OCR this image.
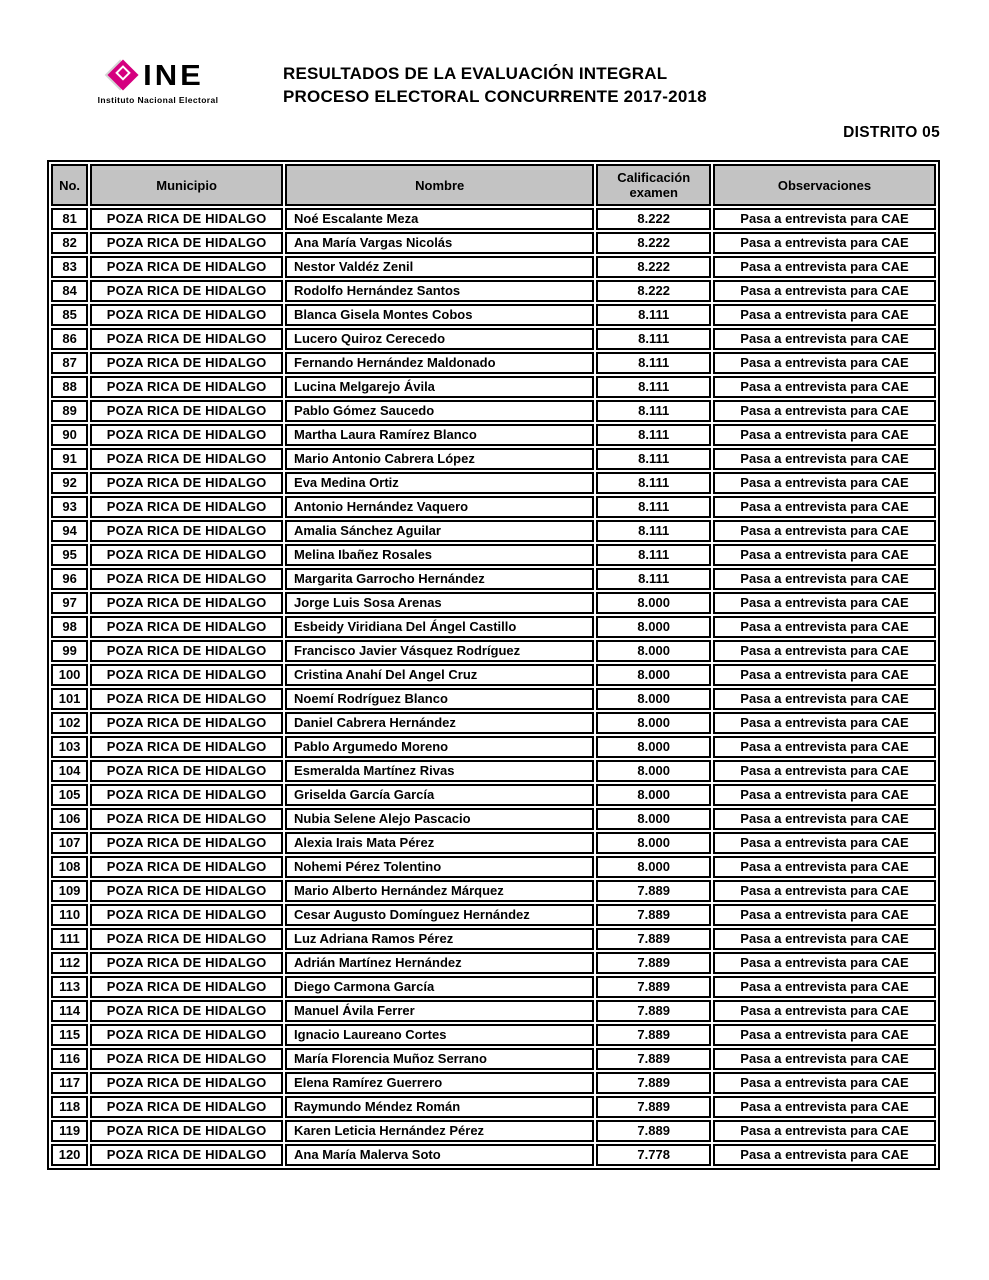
INE
Instituto Nacional Electoral
RESULTADOS DE LA EVALUACIÓN INTEGRAL
PROCESO ELECTORAL CONCURRENTE 2017-2018
DISTRITO 05
No.	Municipio	Nombre	Calificación examen	Observaciones
81	POZA RICA DE HIDALGO	Noé Escalante Meza	8.222	Pasa a entrevista para CAE
82	POZA RICA DE HIDALGO	Ana María Vargas Nicolás	8.222	Pasa a entrevista para CAE
83	POZA RICA DE HIDALGO	Nestor Valdéz Zenil	8.222	Pasa a entrevista para CAE
84	POZA RICA DE HIDALGO	Rodolfo Hernández Santos	8.222	Pasa a entrevista para CAE
85	POZA RICA DE HIDALGO	Blanca Gisela Montes Cobos	8.111	Pasa a entrevista para CAE
86	POZA RICA DE HIDALGO	Lucero Quiroz Cerecedo	8.111	Pasa a entrevista para CAE
87	POZA RICA DE HIDALGO	Fernando Hernández Maldonado	8.111	Pasa a entrevista para CAE
88	POZA RICA DE HIDALGO	Lucina Melgarejo Ávila	8.111	Pasa a entrevista para CAE
89	POZA RICA DE HIDALGO	Pablo Gómez Saucedo	8.111	Pasa a entrevista para CAE
90	POZA RICA DE HIDALGO	Martha Laura Ramírez Blanco	8.111	Pasa a entrevista para CAE
91	POZA RICA DE HIDALGO	Mario Antonio Cabrera López	8.111	Pasa a entrevista para CAE
92	POZA RICA DE HIDALGO	Eva Medina Ortiz	8.111	Pasa a entrevista para CAE
93	POZA RICA DE HIDALGO	Antonio Hernández Vaquero	8.111	Pasa a entrevista para CAE
94	POZA RICA DE HIDALGO	Amalia Sánchez Aguilar	8.111	Pasa a entrevista para CAE
95	POZA RICA DE HIDALGO	Melina Ibañez Rosales	8.111	Pasa a entrevista para CAE
96	POZA RICA DE HIDALGO	Margarita Garrocho Hernández	8.111	Pasa a entrevista para CAE
97	POZA RICA DE HIDALGO	Jorge Luis Sosa Arenas	8.000	Pasa a entrevista para CAE
98	POZA RICA DE HIDALGO	Esbeidy Viridiana Del Ángel Castillo	8.000	Pasa a entrevista para CAE
99	POZA RICA DE HIDALGO	Francisco Javier Vásquez Rodríguez	8.000	Pasa a entrevista para CAE
100	POZA RICA DE HIDALGO	Cristina Anahí Del Angel Cruz	8.000	Pasa a entrevista para CAE
101	POZA RICA DE HIDALGO	Noemí Rodríguez Blanco	8.000	Pasa a entrevista para CAE
102	POZA RICA DE HIDALGO	Daniel Cabrera Hernández	8.000	Pasa a entrevista para CAE
103	POZA RICA DE HIDALGO	Pablo Argumedo Moreno	8.000	Pasa a entrevista para CAE
104	POZA RICA DE HIDALGO	Esmeralda Martínez Rivas	8.000	Pasa a entrevista para CAE
105	POZA RICA DE HIDALGO	Griselda García García	8.000	Pasa a entrevista para CAE
106	POZA RICA DE HIDALGO	Nubia Selene Alejo Pascacio	8.000	Pasa a entrevista para CAE
107	POZA RICA DE HIDALGO	Alexia Irais Mata Pérez	8.000	Pasa a entrevista para CAE
108	POZA RICA DE HIDALGO	Nohemi Pérez Tolentino	8.000	Pasa a entrevista para CAE
109	POZA RICA DE HIDALGO	Mario Alberto Hernández Márquez	7.889	Pasa a entrevista para CAE
110	POZA RICA DE HIDALGO	Cesar Augusto Domínguez Hernández	7.889	Pasa a entrevista para CAE
111	POZA RICA DE HIDALGO	Luz Adriana Ramos Pérez	7.889	Pasa a entrevista para CAE
112	POZA RICA DE HIDALGO	Adrián Martínez Hernández	7.889	Pasa a entrevista para CAE
113	POZA RICA DE HIDALGO	Diego Carmona García	7.889	Pasa a entrevista para CAE
114	POZA RICA DE HIDALGO	Manuel Ávila Ferrer	7.889	Pasa a entrevista para CAE
115	POZA RICA DE HIDALGO	Ignacio Laureano Cortes	7.889	Pasa a entrevista para CAE
116	POZA RICA DE HIDALGO	María Florencia Muñoz Serrano	7.889	Pasa a entrevista para CAE
117	POZA RICA DE HIDALGO	Elena Ramírez Guerrero	7.889	Pasa a entrevista para CAE
118	POZA RICA DE HIDALGO	Raymundo Méndez Román	7.889	Pasa a entrevista para CAE
119	POZA RICA DE HIDALGO	Karen Leticia Hernández Pérez	7.889	Pasa a entrevista para CAE
120	POZA RICA DE HIDALGO	Ana María Malerva Soto	7.778	Pasa a entrevista para CAE
